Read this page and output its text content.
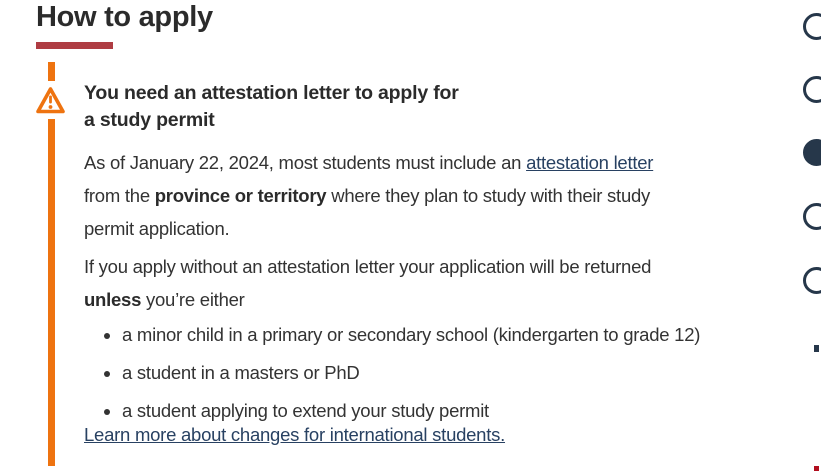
How to apply
You need an attestation letter to apply for
a study permit

As of January 22, 2024, most students must include an attestation letter
from the province or territory where they plan to study with their study
permit application.

If you apply without an attestation letter your application will be returned
unless you’re either

• a minor child in a primary or secondary school (kindergarten to grade 12)
• a student in a masters or PhD
• a student applying to extend your study permit
Learn more about changes for international students.
